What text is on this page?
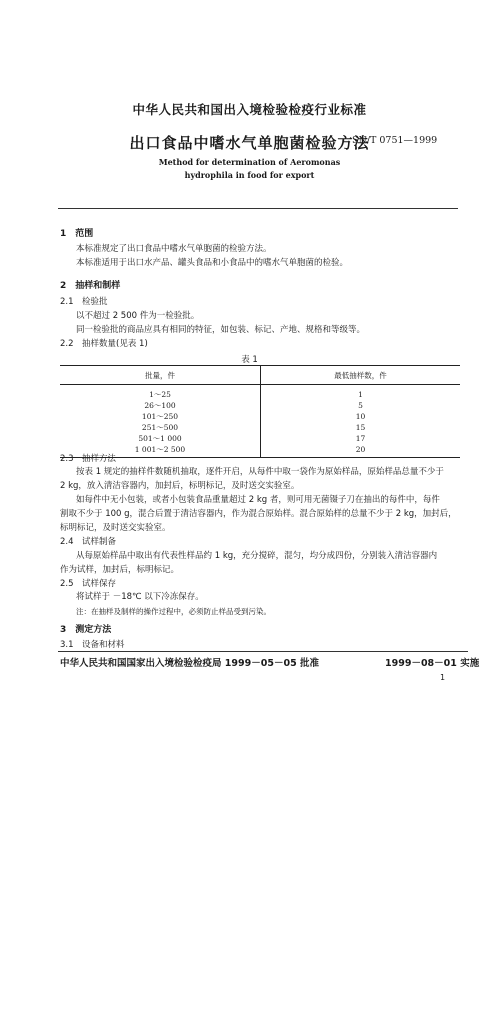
中华人民共和国出入境检验检疫行业标准
出口食品中嗜水气单胞菌检验方法
SN/T 0751—1999
Method for determination of Aeromonas
hydrophila in food for export
1　范围
本标准规定了出口食品中嗜水气单胞菌的检验方法。
本标准适用于出口水产品、罐头食品和小食品中的嗜水气单胞菌的检验。
2　抽样和制样
2.1　检验批
以不超过 2 500 件为一检验批。
同一检验批的商品应具有相同的特征，如包装、标记、产地、规格和等级等。
2.2　抽样数量(见表 1)
表 1
批量，件	最低抽样数，件
1～25	1
26～100	5
101～250	10
251～500	15
501～1 000	17
1 001～2 500	20
2.3　抽样方法
按表 1 规定的抽样件数随机抽取，逐件开启，从每件中取一袋作为原始样品，原始样品总量不少于
2 kg，放入清洁容器内，加封后，标明标记，及时送交实验室。
如每件中无小包装，或者小包装食品重量超过 2 kg 者，则可用无菌镊子刀在抽出的每件中，每件
割取不少于 100 g，混合后置于清洁容器内，作为混合原始样。混合原始样的总量不少于 2 kg，加封后，
标明标记，及时送交实验室。
2.4　试样制备
从每原始样品中取出有代表性样品约 1 kg，充分搅碎，混匀，均分成四份，分别装入清洁容器内
作为试样，加封后，标明标记。
2.5　试样保存
将试样于 －18℃ 以下冷冻保存。
注：在抽样及制样的操作过程中，必须防止样品受到污染。
3　测定方法
3.1　设备和材料
中华人民共和国国家出入境检验检疫局 1999－05－05 批准	1999－08－01 实施
1
